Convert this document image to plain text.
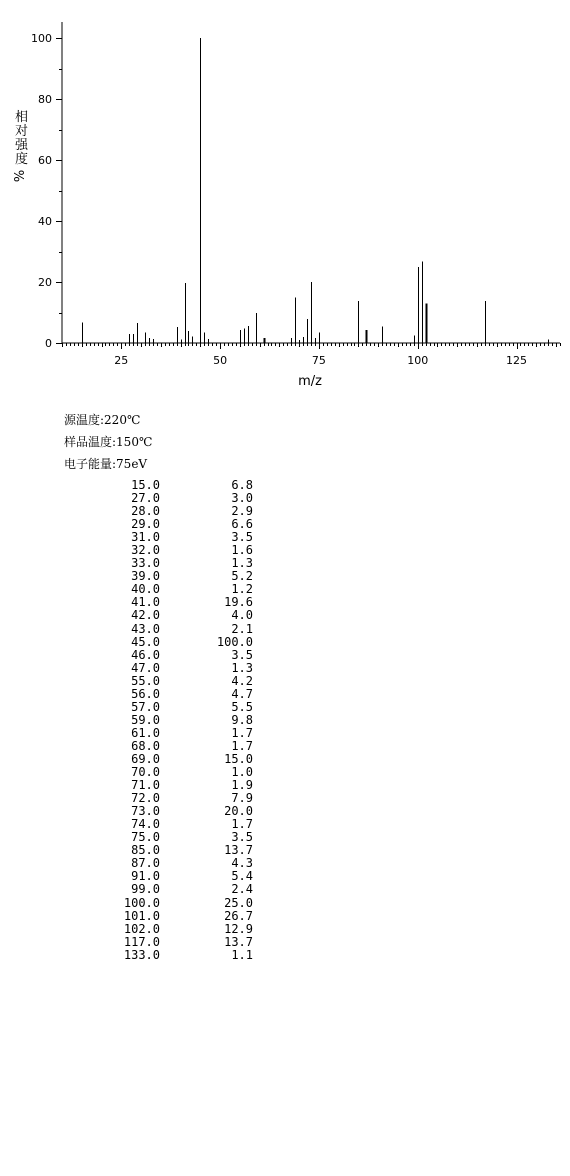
0
20
40
60
80
100
25	50	75	100	125
相
对
强
度
%
m/z
源温度:220℃
样品温度:150℃
电子能量:75eV
15.0	6.8
27.0	3.0
28.0	2.9
29.0	6.6
31.0	3.5
32.0	1.6
33.0	1.3
39.0	5.2
40.0	1.2
41.0	19.6
42.0	4.0
43.0	2.1
45.0	100.0
46.0	3.5
47.0	1.3
55.0	4.2
56.0	4.7
57.0	5.5
59.0	9.8
61.0	1.7
68.0	1.7
69.0	15.0
70.0	1.0
71.0	1.9
72.0	7.9
73.0	20.0
74.0	1.7
75.0	3.5
85.0	13.7
87.0	4.3
91.0	5.4
99.0	2.4
100.0	25.0
101.0	26.7
102.0	12.9
117.0	13.7
133.0	1.1
